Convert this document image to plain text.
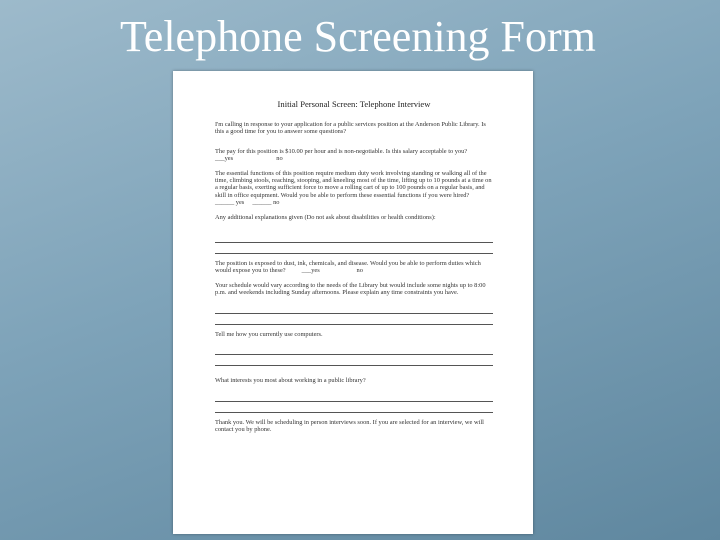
Telephone Screening Form
Initial Personal Screen: Telephone Interview
I'm calling in response to your application for a public services position at the Anderson Public Library. Is this a good time for you to answer some questions?
The pay for this position is $10.00 per hour and is non-negotiable. Is this salary acceptable to you?            ___yes	no
The essential functions of this position require medium duty work involving standing or walking all of the time, climbing stools, reaching, stooping, and kneeling most of the time, lifting up to 10 pounds at a time on a regular basis, exerting sufficient force to move a rolling cart of up to 100 pounds on a regular basis, and skill in office equipment. Would you be able to perform these essential functions if you were hired?   ______ yes ______ no
Any additional explanations given (Do not ask about disabilities or health conditions):
The position is exposed to dust, ink, chemicals, and disease. Would you be able to perform duties which would expose you to these?	___yes	no
Your schedule would vary according to the needs of the Library but would include some nights up to 8:00 p.m. and weekends including Sunday afternoons. Please explain any time constraints you have.
Tell me how you currently use computers.
What interests you most about working in a public library?
Thank you. We will be scheduling in person interviews soon. If you are selected for an interview, we will contact you by phone.
